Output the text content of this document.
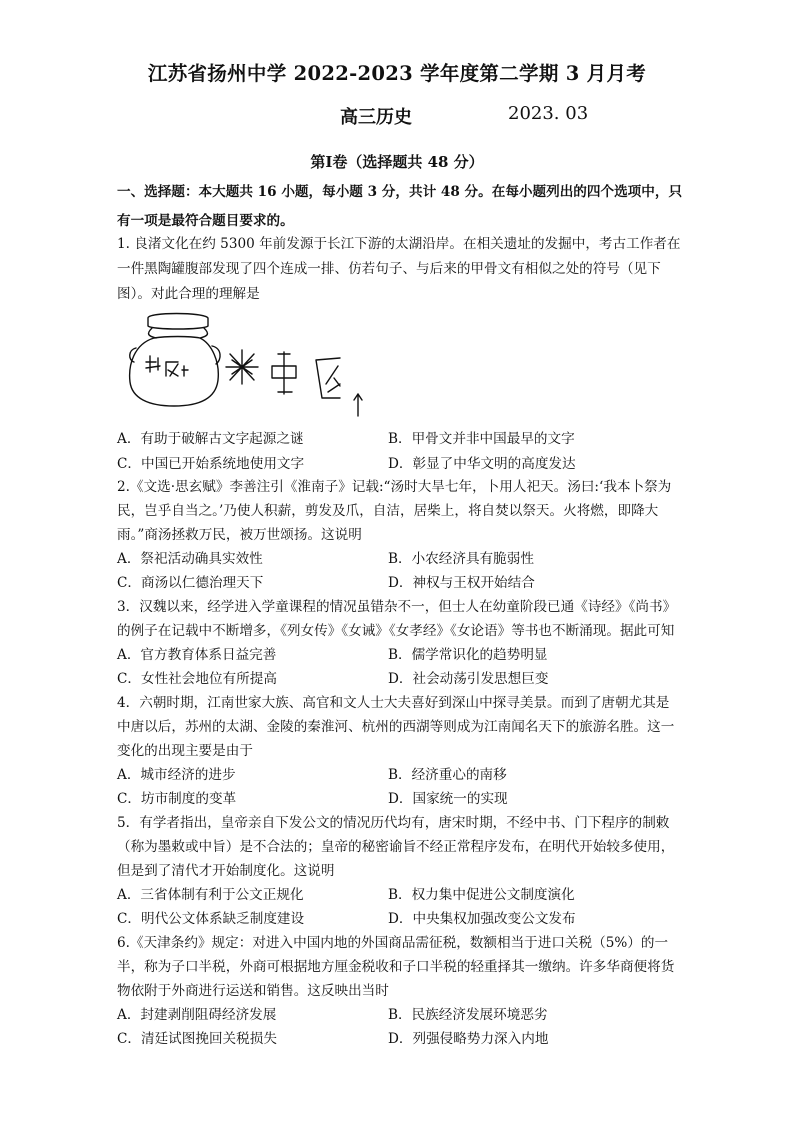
江苏省扬州中学 2022-2023 学年度第二学期 3 月月考
高三历史	2023. 03
第Ⅰ卷（选择题共 48 分）
一、选择题：本大题共 16 小题，每小题 3 分，共计 48 分。在每小题列出的四个选项中，只
有一项是最符合题目要求的。
1. 良渚文化在约 5300 年前发源于长江下游的太湖沿岸。在相关遗址的发掘中，考古工作者在
一件黑陶罐腹部发现了四个连成一排、仿若句子、与后来的甲骨文有相似之处的符号（见下
图）。对此合理的理解是
A．有助于破解古文字起源之谜	B．甲骨文并非中国最早的文字
C．中国已开始系统地使用文字	D．彰显了中华文明的高度发达
2.《文选·思玄赋》李善注引《淮南子》记载:“汤时大旱七年，卜用人祀天。汤曰:‘我本卜祭为
民，岂乎自当之。’乃使人积薪，剪发及爪，自洁，居柴上，将自焚以祭天。火将燃，即降大
雨。”商汤拯救万民，被万世颂扬。这说明
A．祭祀活动确具实效性	B．小农经济具有脆弱性
C．商汤以仁德治理天下	D．神权与王权开始结合
3．汉魏以来，经学进入学童课程的情况虽错杂不一，但士人在幼童阶段已通《诗经》《尚书》
的例子在记载中不断增多，《列女传》《女诫》《女孝经》《女论语》等书也不断涌现。据此可知
A．官方教育体系日益完善	B．儒学常识化的趋势明显
C．女性社会地位有所提高	D．社会动荡引发思想巨变
4．六朝时期，江南世家大族、高官和文人士大夫喜好到深山中探寻美景。而到了唐朝尤其是
中唐以后，苏州的太湖、金陵的秦淮河、杭州的西湖等则成为江南闻名天下的旅游名胜。这一
变化的出现主要是由于
A．城市经济的进步	B．经济重心的南移
C．坊市制度的变革	D．国家统一的实现
5．有学者指出，皇帝亲自下发公文的情况历代均有，唐宋时期，不经中书、门下程序的制敕
（称为墨敕或中旨）是不合法的；皇帝的秘密谕旨不经正常程序发布，在明代开始较多使用，
但是到了清代才开始制度化。这说明
A．三省体制有利于公文正规化	B．权力集中促进公文制度演化
C．明代公文体系缺乏制度建设	D．中央集权加强改变公文发布
6.《天津条约》规定：对进入中国内地的外国商品需征税，数额相当于进口关税（5%）的一
半，称为子口半税，外商可根据地方厘金税收和子口半税的轻重择其一缴纳。许多华商便将货
物依附于外商进行运送和销售。这反映出当时
A．封建剥削阻碍经济发展	B．民族经济发展环境恶劣
C．清廷试图挽回关税损失	D．列强侵略势力深入内地
